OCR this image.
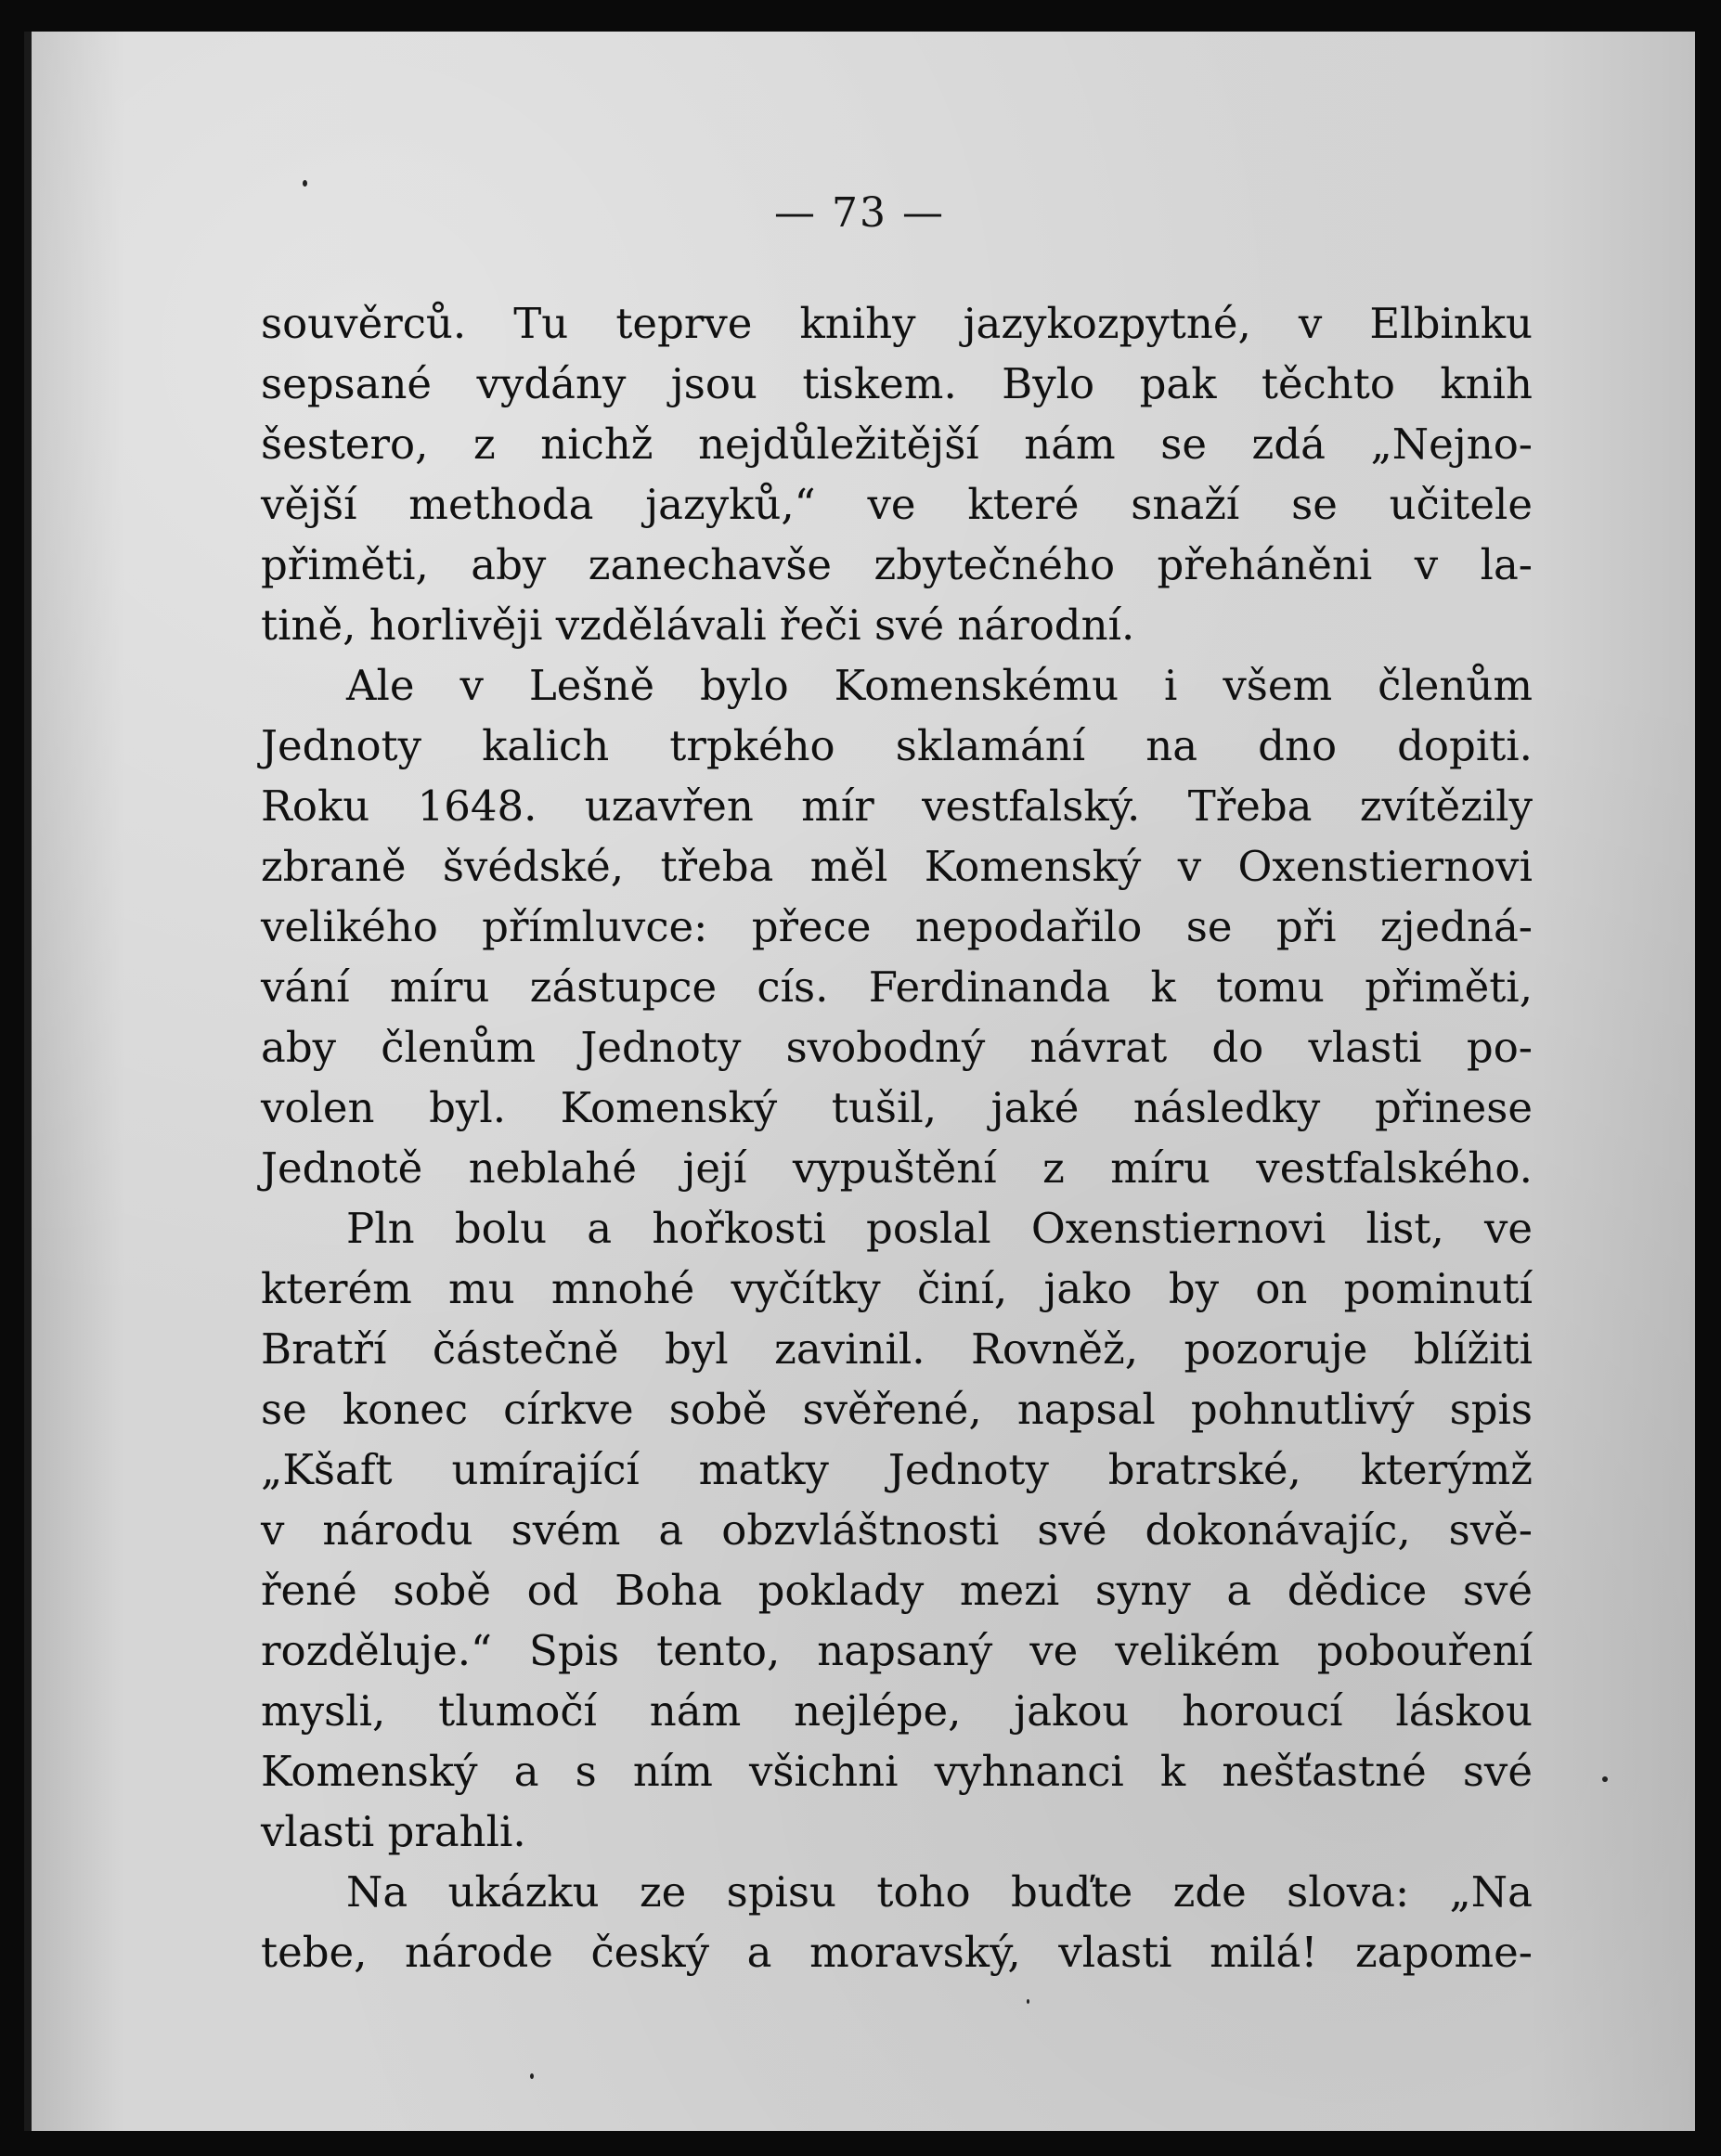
— 73 —
souvěrců. Tu teprve knihy jazykozpytné, v Elbinku
sepsané vydány jsou tiskem. Bylo pak těchto knih
šestero, z nichž nejdůležitější nám se zdá „Nejno-
vější methoda jazyků,“ ve které snaží se učitele
přiměti, aby zanechavše zbytečného přeháněni v la-
tině, horlivěji vzdělávali řeči své národní.
Ale v Lešně bylo Komenskému i všem členům
Jednoty kalich trpkého sklamání na dno dopiti.
Roku 1648. uzavřen mír vestfalský. Třeba zvítězily
zbraně švédské, třeba měl Komenský v Oxenstiernovi
velikého přímluvce: přece nepodařilo se při zjedná-
vání míru zástupce cís. Ferdinanda k tomu přiměti,
aby členům Jednoty svobodný návrat do vlasti po-
volen byl. Komenský tušil, jaké následky přinese
Jednotě neblahé její vypuštění z míru vestfalského.
Pln bolu a hořkosti poslal Oxenstiernovi list, ve
kterém mu mnohé vyčítky činí, jako by on pominutí
Bratří částečně byl zavinil. Rovněž, pozoruje blížiti
se konec církve sobě svěřené, napsal pohnutlivý spis
„Kšaft umírající matky Jednoty bratrské, kterýmž
v národu svém a obzvláštnosti své dokonávajíc, svě-
řené sobě od Boha poklady mezi syny a dědice své
rozděluje.“ Spis tento, napsaný ve velikém pobouření
mysli, tlumočí nám nejlépe, jakou horoucí láskou
Komenský a s ním všichni vyhnanci k nešťastné své
vlasti prahli.
Na ukázku ze spisu toho buďte zde slova: „Na
tebe, národe český a moravský, vlasti milá! zapome-
